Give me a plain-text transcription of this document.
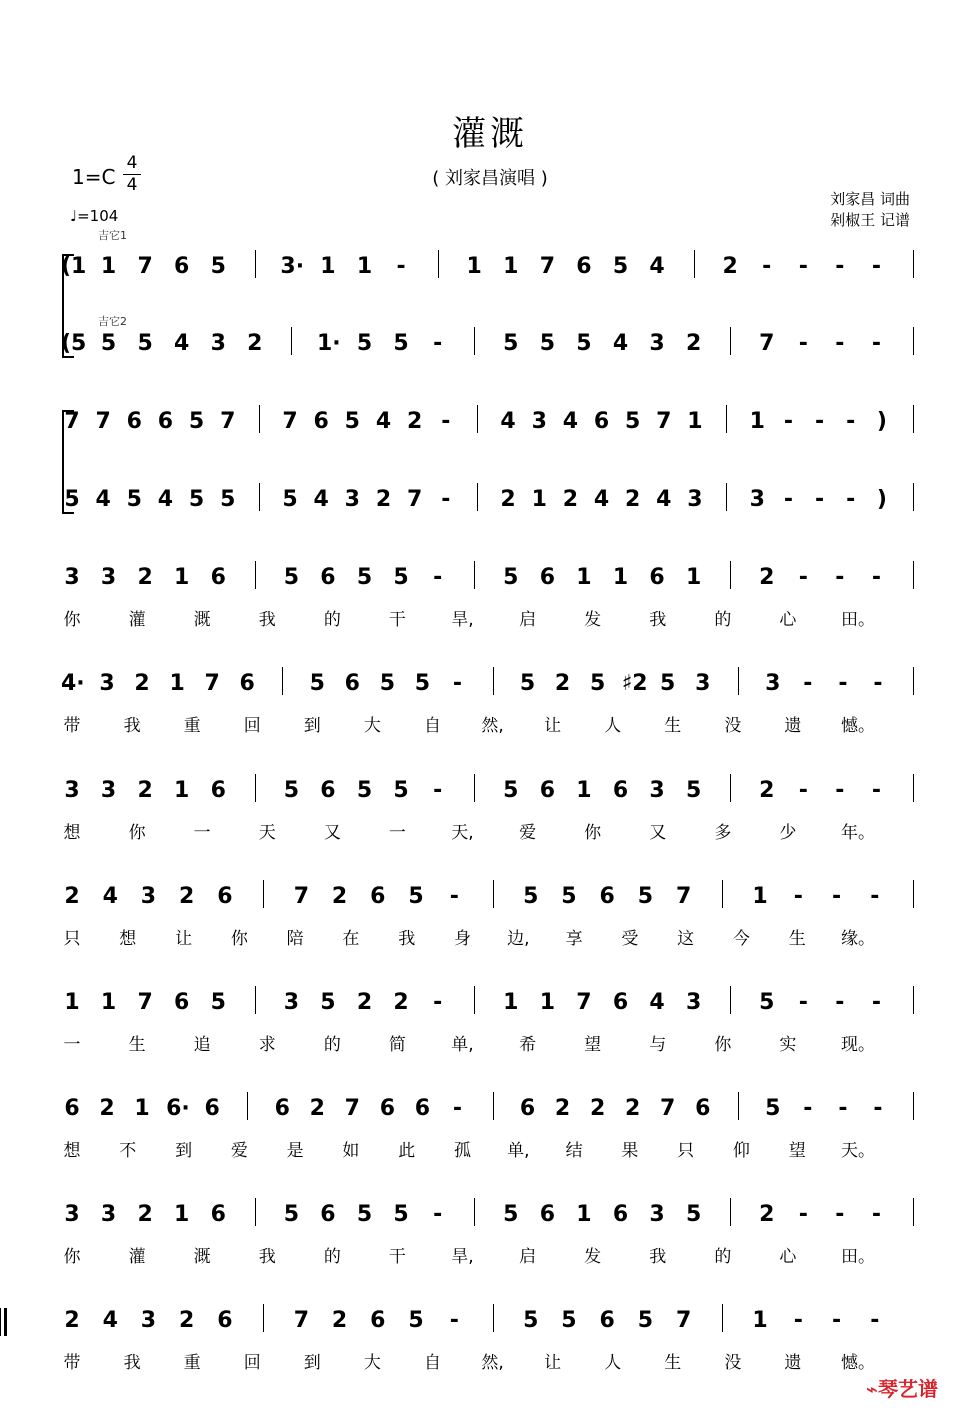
灌溉
( 刘家昌演唱 )
1=C
4
4
♩=104
刘家昌 词曲
剁椒王 记谱
吉它1
吉它2
(1 1 7 6 5 3· 1 1 -	1 1 7 6 5 4	2 - - - -
(5 5 5 4 3 2 1· 5 5 -	5 5 5 4 3 2	7 - - -
7 7 6 6 5 7 7 6 5 4 2 - 4 3 4 6 5 7 1 1 - - - )
5 4 5 4 5 5 5 4 3 2 7 - 2 1 2 4 2 4 3 3 - - - )
3 3 2 1 6	5 6 5 5 -	5 6 1 1 6 1	2 - - -
你	灌	溉	我	的	干	旱,	启	发	我	的	心	田。
4· 3 2 1 7 6 5 6 5 5 -	5 2 5 ♯2 5 3 3 - - -
带	我	重	回	到	大	自 然, 让	人	生	没	遗 憾。
3 3 2 1 6	5 6 5 5 -	5 6 1 6 3 5	2 - - -
想	你	一	天	又	一	天,	爱	你	又	多	少	年。
2 4 3 2 6	7 2 6 5 -	5 5 6 5 7	1 - - -
只 想 让 你 陪 在 我 身 边, 享 受 这 今 生 缘。
1 1 7 6 5	3 5 2 2 -	1 1 7 6 4 3	5 - - -
一	生	追	求	的	简	单,	希	望	与	你	实	现。
6 2 1 6· 6 6 2 7 6 6 -	6 2 2 2 7 6 5 - - -
想 不 到 爱 是 如 此 孤 单, 结 果 只 仰 望 天。
3 3 2 1 6	5 6 5 5 -	5 6 1 6 3 5	2 - - -
你	灌	溉	我	的	干	旱,	启	发	我	的	心	田。
2 4 3 2 6	7 2 6 5 -	5 5 6 5 7	1 - - -
带	我	重	回	到	大	自 然, 让	人	生	没	遗 憾。
⌁琴艺谱
